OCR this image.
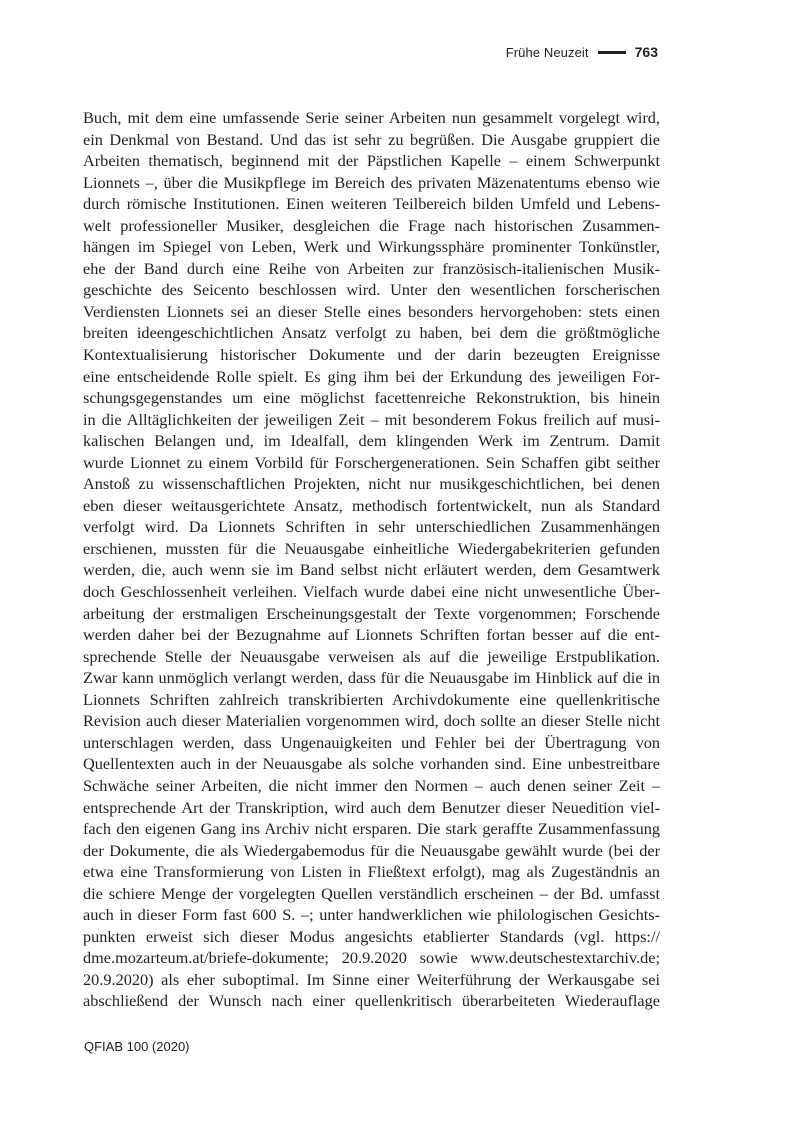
Frühe Neuzeit	763
Buch, mit dem eine umfassende Serie seiner Arbeiten nun gesammelt vorgelegt wird,
ein Denkmal von Bestand. Und das ist sehr zu begrüßen. Die Ausgabe gruppiert die
Arbeiten thematisch, beginnend mit der Päpstlichen Kapelle – einem Schwerpunkt
Lionnets –, über die Musikpflege im Bereich des privaten Mäzenatentums ebenso wie
durch römische Institutionen. Einen weiteren Teilbereich bilden Umfeld und Lebens-
welt professioneller Musiker, desgleichen die Frage nach historischen Zusammen-
hängen im Spiegel von Leben, Werk und Wirkungssphäre prominenter Tonkünstler,
ehe der Band durch eine Reihe von Arbeiten zur französisch-italienischen Musik-
geschichte des Seicento beschlossen wird. Unter den wesentlichen forscherischen
Verdiensten Lionnets sei an dieser Stelle eines besonders hervorgehoben: stets einen
breiten ideengeschichtlichen Ansatz verfolgt zu haben, bei dem die größtmögliche
Kontextualisierung historischer Dokumente und der darin bezeugten Ereignisse
eine entscheidende Rolle spielt. Es ging ihm bei der Erkundung des jeweiligen For-
schungsgegenstandes um eine möglichst facettenreiche Rekonstruktion, bis hinein
in die Alltäglichkeiten der jeweiligen Zeit – mit besonderem Fokus freilich auf musi-
kalischen Belangen und, im Idealfall, dem klingenden Werk im Zentrum. Damit
wurde Lionnet zu einem Vorbild für Forschergenerationen. Sein Schaffen gibt seither
Anstoß zu wissenschaftlichen Projekten, nicht nur musikgeschichtlichen, bei denen
eben dieser weitausgerichtete Ansatz, methodisch fortentwickelt, nun als Standard
verfolgt wird. Da Lionnets Schriften in sehr unterschiedlichen Zusammenhängen
erschienen, mussten für die Neuausgabe einheitliche Wiedergabekriterien gefunden
werden, die, auch wenn sie im Band selbst nicht erläutert werden, dem Gesamtwerk
doch Geschlossenheit verleihen. Vielfach wurde dabei eine nicht unwesentliche Über-
arbeitung der erstmaligen Erscheinungsgestalt der Texte vorgenommen; Forschende
werden daher bei der Bezugnahme auf Lionnets Schriften fortan besser auf die ent-
sprechende Stelle der Neuausgabe verweisen als auf die jeweilige Erstpublikation.
Zwar kann unmöglich verlangt werden, dass für die Neuausgabe im Hinblick auf die in
Lionnets Schriften zahlreich transkribierten Archivdokumente eine quellenkritische
Revision auch dieser Materialien vorgenommen wird, doch sollte an dieser Stelle nicht
unterschlagen werden, dass Ungenauigkeiten und Fehler bei der Übertragung von
Quellentexten auch in der Neuausgabe als solche vorhanden sind. Eine unbestreitbare
Schwäche seiner Arbeiten, die nicht immer den Normen – auch denen seiner Zeit –
entsprechende Art der Transkription, wird auch dem Benutzer dieser Neuedition viel-
fach den eigenen Gang ins Archiv nicht ersparen. Die stark geraffte Zusammenfassung
der Dokumente, die als Wiedergabemodus für die Neuausgabe gewählt wurde (bei der
etwa eine Transformierung von Listen in Fließtext erfolgt), mag als Zugeständnis an
die schiere Menge der vorgelegten Quellen verständlich erscheinen – der Bd. umfasst
auch in dieser Form fast 600 S. –; unter handwerklichen wie philologischen Gesichts-
punkten erweist sich dieser Modus angesichts etablierter Standards (vgl. https://
dme.mozarteum.at/briefe-dokumente; 20.9.2020 sowie www.deutschestextarchiv.de;
20.9.2020) als eher suboptimal. Im Sinne einer Weiterführung der Werkausgabe sei
abschließend der Wunsch nach einer quellenkritisch überarbeiteten Wiederauflage
QFIAB 100 (2020)
